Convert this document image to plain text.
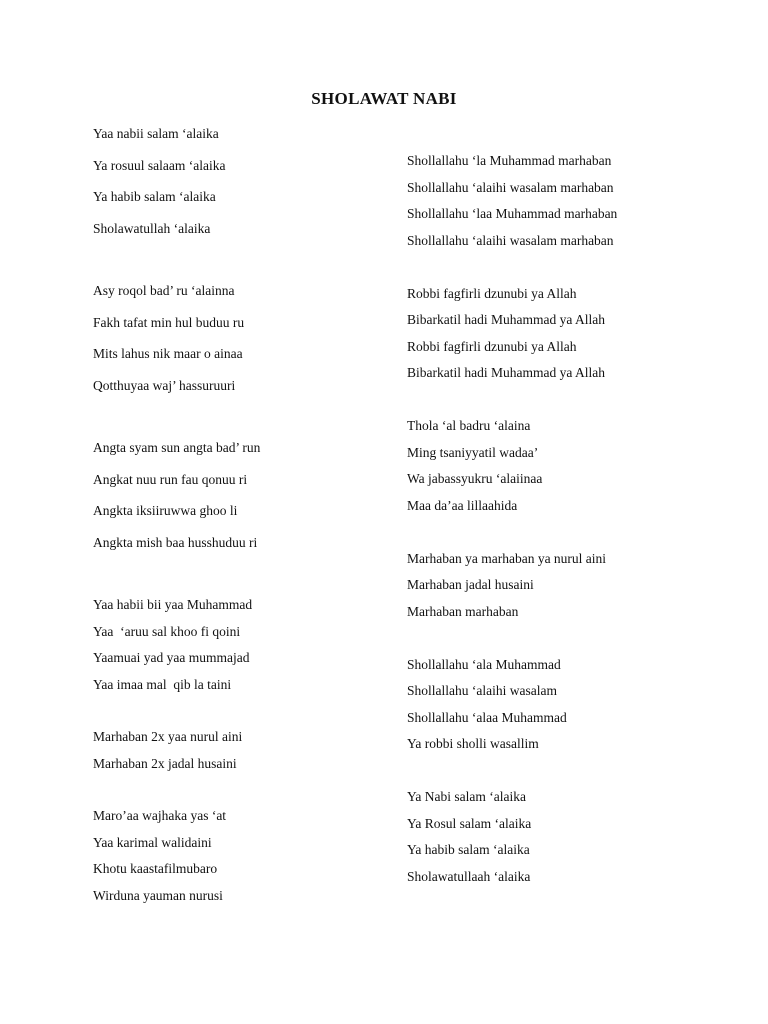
SHOLAWAT NABI
Yaa nabii salam ‘alaika
Ya rosuul salaam ‘alaika
Ya habib salam ‘alaika
Sholawatullah ‘alaika
Asy roqol bad’ ru ‘alainna
Fakh tafat min hul buduu ru
Mits lahus nik maar o ainaa
Qotthuyaa waj’ hassuruuri
Angta syam sun angta bad’ run
Angkat nuu run fau qonuu ri
Angkta iksiiruwwa ghoo li
Angkta mish baa husshuduu ri
Yaa habii bii yaa Muhammad
Yaa  ‘aruu sal khoo fi qoini
Yaamuai yad yaa mummajad
Yaa imaa mal  qib la taini
Marhaban 2x yaa nurul aini
Marhaban 2x jadal husaini
Maro’aa wajhaka yas ‘at
Yaa karimal walidaini
Khotu kaastafilmubaro
Wirduna yauman nurusi
Shollallahu ‘la Muhammad marhaban
Shollallahu ‘alaihi wasalam marhaban
Shollallahu ‘laa Muhammad marhaban
Shollallahu ‘alaihi wasalam marhaban
Robbi fagfirli dzunubi ya Allah
Bibarkatil hadi Muhammad ya Allah
Robbi fagfirli dzunubi ya Allah
Bibarkatil hadi Muhammad ya Allah
Thola ‘al badru ‘alaina
Ming tsaniyyatil wadaa’
Wa jabassyukru ‘alaiinaa
Maa da’aa lillaahida
Marhaban ya marhaban ya nurul aini
Marhaban jadal husaini
Marhaban marhaban
Shollallahu ‘ala Muhammad
Shollallahu ‘alaihi wasalam
Shollallahu ‘alaa Muhammad
Ya robbi sholli wasallim
Ya Nabi salam ‘alaika
Ya Rosul salam ‘alaika
Ya habib salam ‘alaika
Sholawatullaah ‘alaika
